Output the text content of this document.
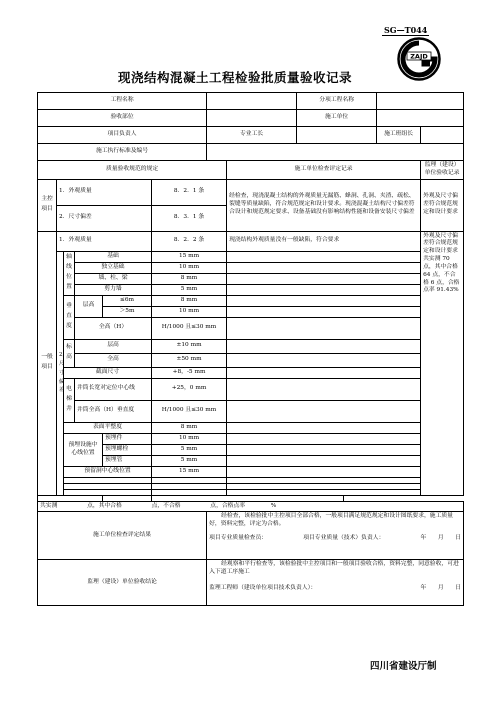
SG—T044
ZAJD
现浇结构混凝土工程检验批质量验收记录
工程名称								分项工程名称		
验收部位								施工单位		
项目负责人						专业工长			施工班组长	
施工执行标准及编号										
质量验收规范的规定							施工单位检查评定记录			监理（建设）单位验收记录
主控项目	1．外观质量				8．2．1 条		经检查，现浇混凝土结构的外观质量无漏筋、蜂洞、孔洞、夹渣、疏松、裂缝等质量缺陷，符合规范规定和设计要求。现浇混凝土结构尺寸偏差符合设计和规范规定要求、设备基础没有影响结构性能和设备安装尺寸偏差			外观及尺寸偏差符合规范规定和设计要求
	2．尺寸偏差				8．3．1 条					
一般项目	1．外观质量				8．2．2 条		现浇结构外观质量没有一般缺陷，符合要求			外观及尺寸偏差符合规范规定和设计要求共实测 70 点，其中合格 64 点，不合格 6 点，合格点率 91.43%
	2．尺寸偏差	轴线位置	基础		15 mm					
			独立基础		10 mm					
			墙、柱、梁		8 mm					
			剪力墙		5 mm					
		垂直度	层高	≤6m	8 mm					
				＞5m	10 mm					
			全高（H）		H/1000 且≤30 mm					
		标高	层高		±10 mm					
			全高		±50 mm					
		截面尺寸			+8，-5 mm					
		电梯井	井筒长宽对定位中心线		+25，0 mm					
			井筒全高（H）垂直度		H/1000 且≤30 mm					
		表面平整度			8 mm					
		预埋设施中心线位置		预埋件	10 mm					
				预埋螺栓	5 mm					
				预埋管	5 mm					
		预留洞中心线位置			15 mm					

共实测 点，其中合格 点，不合格 点，合格点率 %										
施工单位检查评定结果						经检查，该检验批中主控项目全部合格，一般项目满足规范规定和设计图纸要求，施工质量好，资料完整，评定为合格。
项目专业质量检查员： 项目专业质量（技术）负责人： 年　　月　　日				

监理（建设）单位验收结论						经观察和平行检查等，该检验批中主控项目和一般项目验收合格，资料完整，同意验收，可进入下道工序施工
监理工程师（建设单位项目技术负责人）： 年　　月　　日				
四川省建设厅制
